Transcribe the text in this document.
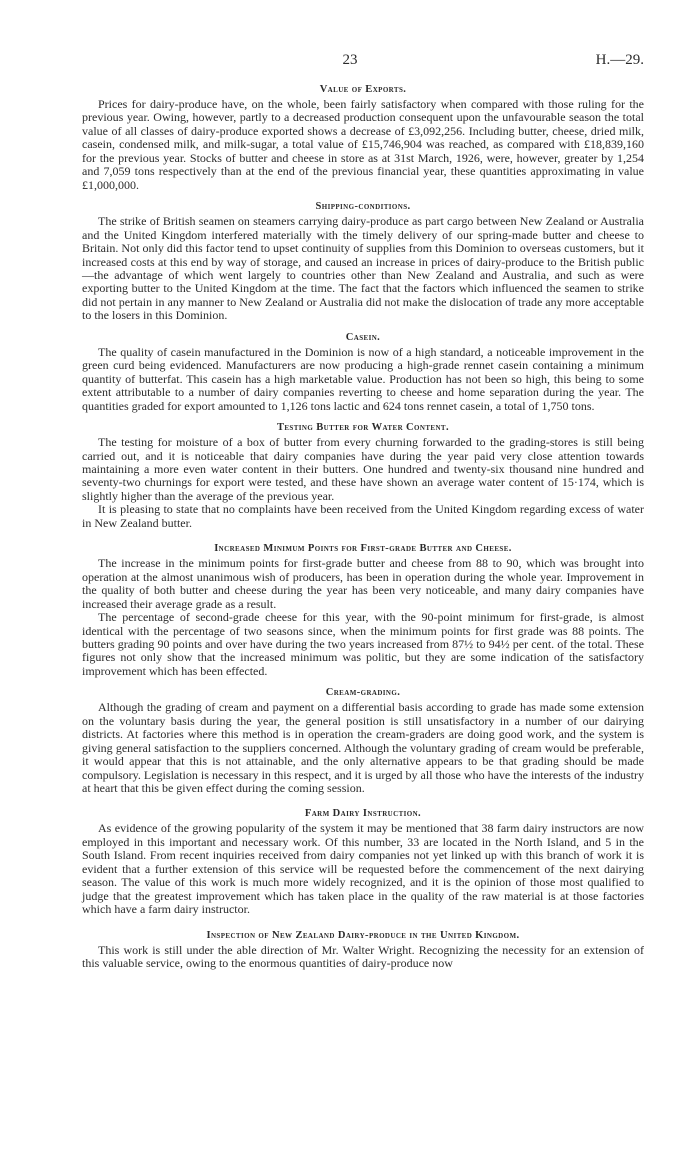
23	H.—29.
Value of Exports.

Prices for dairy-produce have, on the whole, been fairly satisfactory when compared with those ruling for the previous year. Owing, however, partly to a decreased production consequent upon the unfavourable season the total value of all classes of dairy-produce exported shows a decrease of £3,092,256. Including butter, cheese, dried milk, casein, condensed milk, and milk-sugar, a total value of £15,746,904 was reached, as compared with £18,839,160 for the previous year. Stocks of butter and cheese in store as at 31st March, 1926, were, however, greater by 1,254 and 7,059 tons respectively than at the end of the previous financial year, these quantities approximating in value £1,000,000.

Shipping-conditions.

The strike of British seamen on steamers carrying dairy-produce as part cargo between New Zealand or Australia and the United Kingdom interfered materially with the timely delivery of our spring-made butter and cheese to Britain. Not only did this factor tend to upset continuity of supplies from this Dominion to overseas customers, but it increased costs at this end by way of storage, and caused an increase in prices of dairy-produce to the British public—the advantage of which went largely to countries other than New Zealand and Australia, and such as were exporting butter to the United Kingdom at the time. The fact that the factors which influenced the seamen to strike did not pertain in any manner to New Zealand or Australia did not make the dislocation of trade any more acceptable to the losers in this Dominion.

Casein.

The quality of casein manufactured in the Dominion is now of a high standard, a noticeable improvement in the green curd being evidenced. Manufacturers are now producing a high-grade rennet casein containing a minimum quantity of butterfat. This casein has a high marketable value. Production has not been so high, this being to some extent attributable to a number of dairy companies reverting to cheese and home separation during the year. The quantities graded for export amounted to 1,126 tons lactic and 624 tons rennet casein, a total of 1,750 tons.

Testing Butter for Water Content.

The testing for moisture of a box of butter from every churning forwarded to the grading-stores is still being carried out, and it is noticeable that dairy companies have during the year paid very close attention towards maintaining a more even water content in their butters. One hundred and twenty-six thousand nine hundred and seventy-two churnings for export were tested, and these have shown an average water content of 15·174, which is slightly higher than the average of the previous year.

It is pleasing to state that no complaints have been received from the United Kingdom regarding excess of water in New Zealand butter.

Increased Minimum Points for First-grade Butter and Cheese.

The increase in the minimum points for first-grade butter and cheese from 88 to 90, which was brought into operation at the almost unanimous wish of producers, has been in operation during the whole year. Improvement in the quality of both butter and cheese during the year has been very noticeable, and many dairy companies have increased their average grade as a result.

The percentage of second-grade cheese for this year, with the 90-point minimum for first-grade, is almost identical with the percentage of two seasons since, when the minimum points for first grade was 88 points. The butters grading 90 points and over have during the two years increased from 87½ to 94½ per cent. of the total. These figures not only show that the increased minimum was politic, but they are some indication of the satisfactory improvement which has been effected.

Cream-grading.

Although the grading of cream and payment on a differential basis according to grade has made some extension on the voluntary basis during the year, the general position is still unsatisfactory in a number of our dairying districts. At factories where this method is in operation the cream-graders are doing good work, and the system is giving general satisfaction to the suppliers concerned. Although the voluntary grading of cream would be preferable, it would appear that this is not attainable, and the only alternative appears to be that grading should be made compulsory. Legislation is necessary in this respect, and it is urged by all those who have the interests of the industry at heart that this be given effect during the coming session.

Farm Dairy Instruction.

As evidence of the growing popularity of the system it may be mentioned that 38 farm dairy instructors are now employed in this important and necessary work. Of this number, 33 are located in the North Island, and 5 in the South Island. From recent inquiries received from dairy companies not yet linked up with this branch of work it is evident that a further extension of this service will be requested before the commencement of the next dairying season. The value of this work is much more widely recognized, and it is the opinion of those most qualified to judge that the greatest improvement which has taken place in the quality of the raw material is at those factories which have a farm dairy instructor.

Inspection of New Zealand Dairy-produce in the United Kingdom.

This work is still under the able direction of Mr. Walter Wright. Recognizing the necessity for an extension of this valuable service, owing to the enormous quantities of dairy-produce now
